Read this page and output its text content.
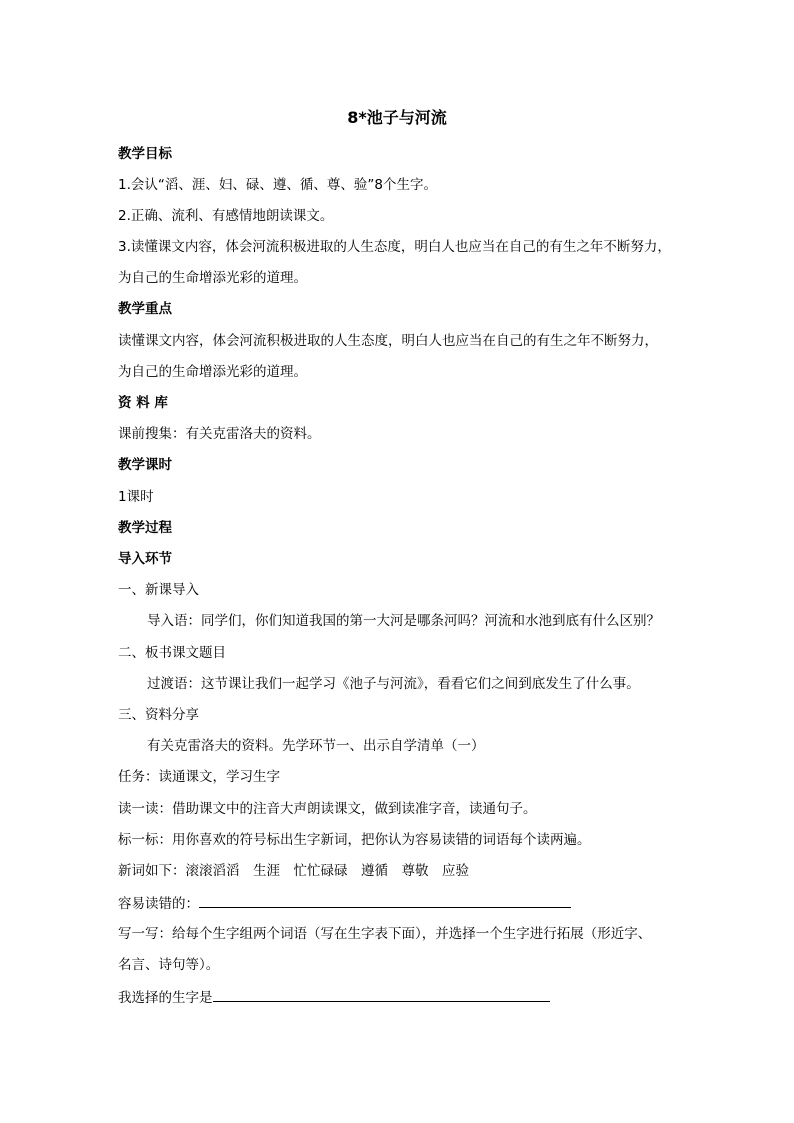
8*池子与河流
教学目标
1.会认“滔、涯、妇、碌、遵、循、尊、验”8个生字。
2.正确、流利、有感情地朗读课文。
3.读懂课文内容，体会河流积极进取的人生态度，明白人也应当在自己的有生之年不断努力，
为自己的生命增添光彩的道理。
教学重点
读懂课文内容，体会河流积极进取的人生态度，明白人也应当在自己的有生之年不断努力，
为自己的生命增添光彩的道理。
资 料 库
课前搜集：有关克雷洛夫的资料。
教学课时
1课时
教学过程
导入环节
一、新课导入
导入语：同学们，你们知道我国的第一大河是哪条河吗？河流和水池到底有什么区别？
二、板书课文题目
过渡语：这节课让我们一起学习《池子与河流》，看看它们之间到底发生了什么事。
三、资料分享
有关克雷洛夫的资料。先学环节一、出示自学清单（一）
任务：读通课文，学习生字
读一读：借助课文中的注音大声朗读课文，做到读准字音，读通句子。
标一标：用你喜欢的符号标出生字新词，把你认为容易读错的词语每个读两遍。
新词如下：滚滚滔滔　生涯　忙忙碌碌　遵循　尊敬　应验
容易读错的：
写一写：给每个生字组两个词语（写在生字表下面），并选择一个生字进行拓展（形近字、
名言、诗句等）。
我选择的生字是
